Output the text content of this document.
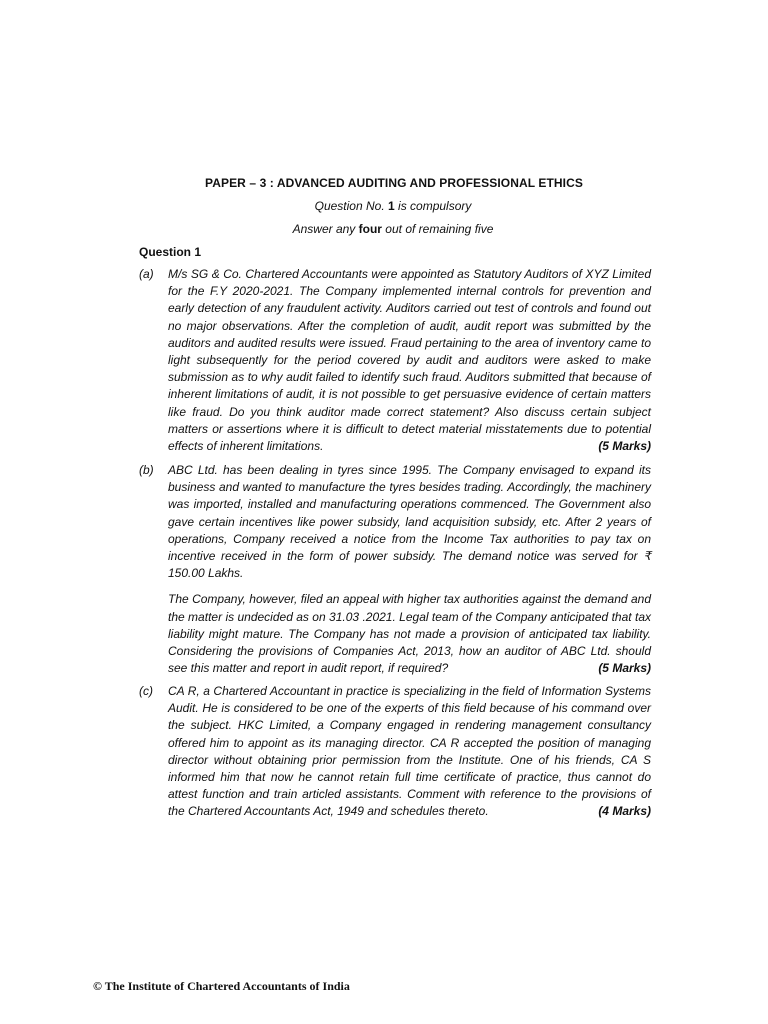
PAPER – 3 : ADVANCED AUDITING AND PROFESSIONAL ETHICS
Question No. 1 is compulsory
Answer any four out of remaining five
Question 1
(a) M/s SG & Co. Chartered Accountants were appointed as Statutory Auditors of XYZ Limited for the F.Y 2020-2021. The Company implemented internal controls for prevention and early detection of any fraudulent activity. Auditors carried out test of controls and found out no major observations. After the completion of audit, audit report was submitted by the auditors and audited results were issued. Fraud pertaining to the area of inventory came to light subsequently for the period covered by audit and auditors were asked to make submission as to why audit failed to identify such fraud. Auditors submitted that because of inherent limitations of audit, it is not possible to get persuasive evidence of certain matters like fraud. Do you think auditor made correct statement? Also discuss certain subject matters or assertions where it is difficult to detect material misstatements due to potential effects of inherent limitations.	(5 Marks)

(b) ABC Ltd. has been dealing in tyres since 1995. The Company envisaged to expand its business and wanted to manufacture the tyres besides trading. Accordingly, the machinery was imported, installed and manufacturing operations commenced. The Government also gave certain incentives like power subsidy, land acquisition subsidy, etc. After 2 years of operations, Company received a notice from the Income Tax authorities to pay tax on incentive received in the form of power subsidy. The demand notice was served for ₹ 150.00 Lakhs.

The Company, however, filed an appeal with higher tax authorities against the demand and the matter is undecided as on 31.03 .2021. Legal team of the Company anticipated that tax liability might mature. The Company has not made a provision of anticipated tax liability. Considering the provisions of Companies Act, 2013, how an auditor of ABC Ltd. should see this matter and report in audit report, if required?	(5 Marks)

(c) CA R, a Chartered Accountant in practice is specializing in the field of Information Systems Audit. He is considered to be one of the experts of this field because of his command over the subject. HKC Limited, a Company engaged in rendering management consultancy offered him to appoint as its managing director. CA R accepted the position of managing director without obtaining prior permission from the Institute. One of his friends, CA S informed him that now he cannot retain full time certificate of practice, thus cannot do attest function and train articled assistants. Comment with reference to the provisions of the Chartered Accountants Act, 1949 and schedules thereto.	(4 Marks)

© The Institute of Chartered Accountants of India
